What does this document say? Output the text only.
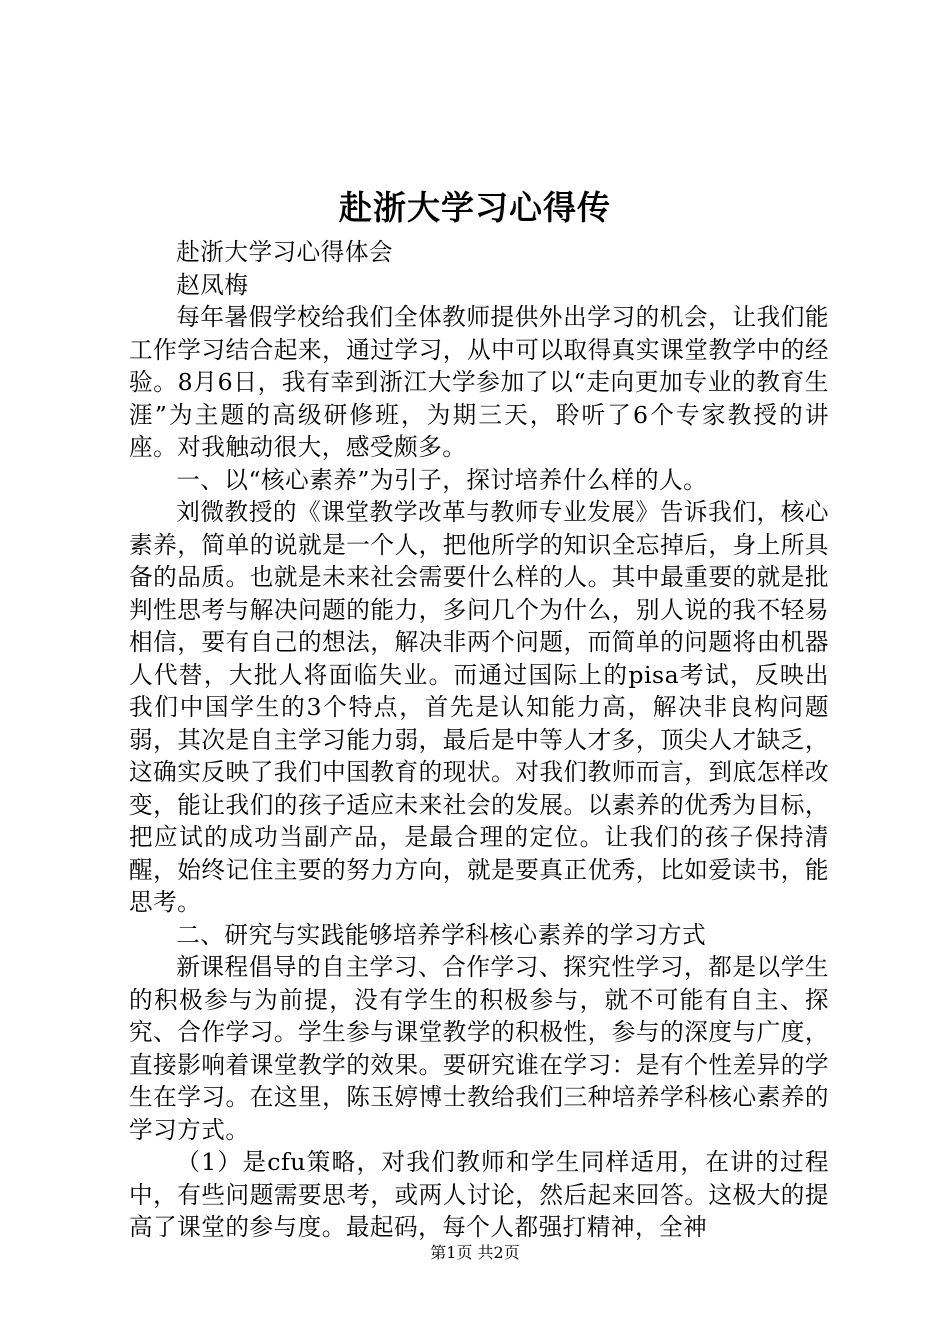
赴浙大学习心得传

赴浙大学习心得体会

赵凤梅

每年暑假学校给我们全体教师提供外出学习的机会，让我们能工作学习结合起来，通过学习，从中可以取得真实课堂教学中的经验。8月6日，我有幸到浙江大学参加了以“走向更加专业的教育生涯”为主题的高级研修班，为期三天，聆听了6个专家教授的讲座。对我触动很大，感受颇多。

一、以“核心素养”为引子，探讨培养什么样的人。

刘微教授的《课堂教学改革与教师专业发展》告诉我们，核心素养，简单的说就是一个人，把他所学的知识全忘掉后，身上所具备的品质。也就是未来社会需要什么样的人。其中最重要的就是批判性思考与解决问题的能力，多问几个为什么，别人说的我不轻易相信，要有自己的想法，解决非两个问题，而简单的问题将由机器人代替，大批人将面临失业。而通过国际上的pisa考试，反映出我们中国学生的3个特点，首先是认知能力高，解决非良构问题弱，其次是自主学习能力弱，最后是中等人才多，顶尖人才缺乏，这确实反映了我们中国教育的现状。对我们教师而言，到底怎样改变，能让我们的孩子适应未来社会的发展。以素养的优秀为目标，把应试的成功当副产品，是最合理的定位。让我们的孩子保持清醒，始终记住主要的努力方向，就是要真正优秀，比如爱读书，能思考。

二、研究与实践能够培养学科核心素养的学习方式

新课程倡导的自主学习、合作学习、探究性学习，都是以学生的积极参与为前提，没有学生的积极参与，就不可能有自主、探究、合作学习。学生参与课堂教学的积极性，参与的深度与广度，直接影响着课堂教学的效果。要研究谁在学习：是有个性差异的学生在学习。在这里，陈玉婷博士教给我们三种培养学科核心素养的学习方式。

（1）是cfu策略，对我们教师和学生同样适用，在讲的过程中，有些问题需要思考，或两人讨论，然后起来回答。这极大的提高了课堂的参与度。最起码，每个人都强打精神，全神

第1页 共2页
